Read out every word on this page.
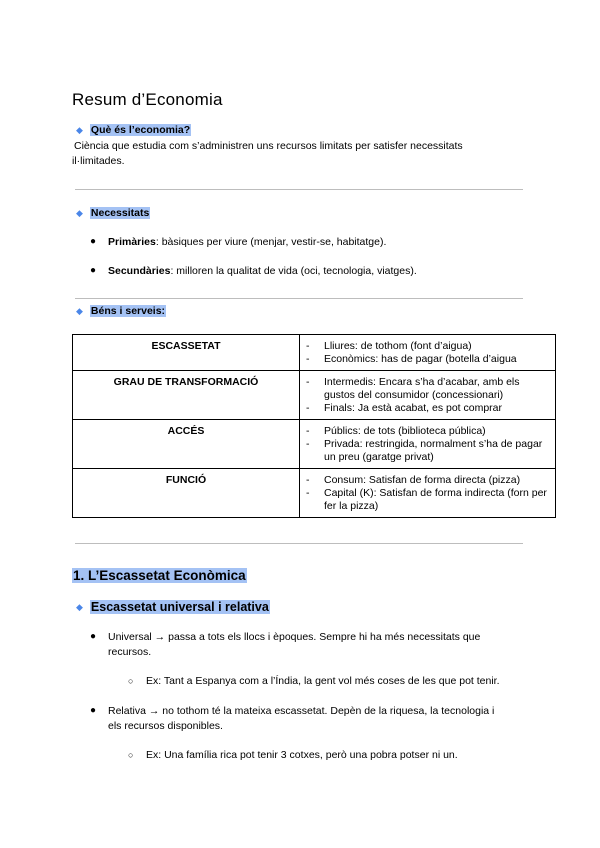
Resum d’Economia
◆ Què és l’economia?
Ciència que estudia com s’administren uns recursos limitats per satisfer necessitats
il·limitades.
◆ Necessitats
● Primàries: bàsiques per viure (menjar, vestir-se, habitatge).
● Secundàries: milloren la qualitat de vida (oci, tecnologia, viatges).
◆ Béns i serveis:
ESCASSETAT	- Lliures: de tothom (font d’aigua)
- Econòmics: has de pagar (botella d’aigua

GRAU DE TRANSFORMACIÓ	- Intermedis: Encara s’ha d’acabar, amb els gustos del consumidor (concessionari)
- Finals: Ja està acabat, es pot comprar

ACCÉS	- Públics: de tots (biblioteca pública)
- Privada: restringida, normalment s’ha de pagar un preu (garatge privat)

FUNCIÓ	- Consum: Satisfan de forma directa (pizza)
- Capital (K): Satisfan de forma indirecta (forn per fer la pizza)
1. L’Escassetat Econòmica
◆ Escassetat universal i relativa
● Universal → passa a tots els llocs i èpoques. Sempre hi ha més necessitats que
recursos.
○ Ex: Tant a Espanya com a l’Índia, la gent vol més coses de les que pot tenir.
● Relativa → no tothom té la mateixa escassetat. Depèn de la riquesa, la tecnologia i
els recursos disponibles.
○ Ex: Una família rica pot tenir 3 cotxes, però una pobra potser ni un.
